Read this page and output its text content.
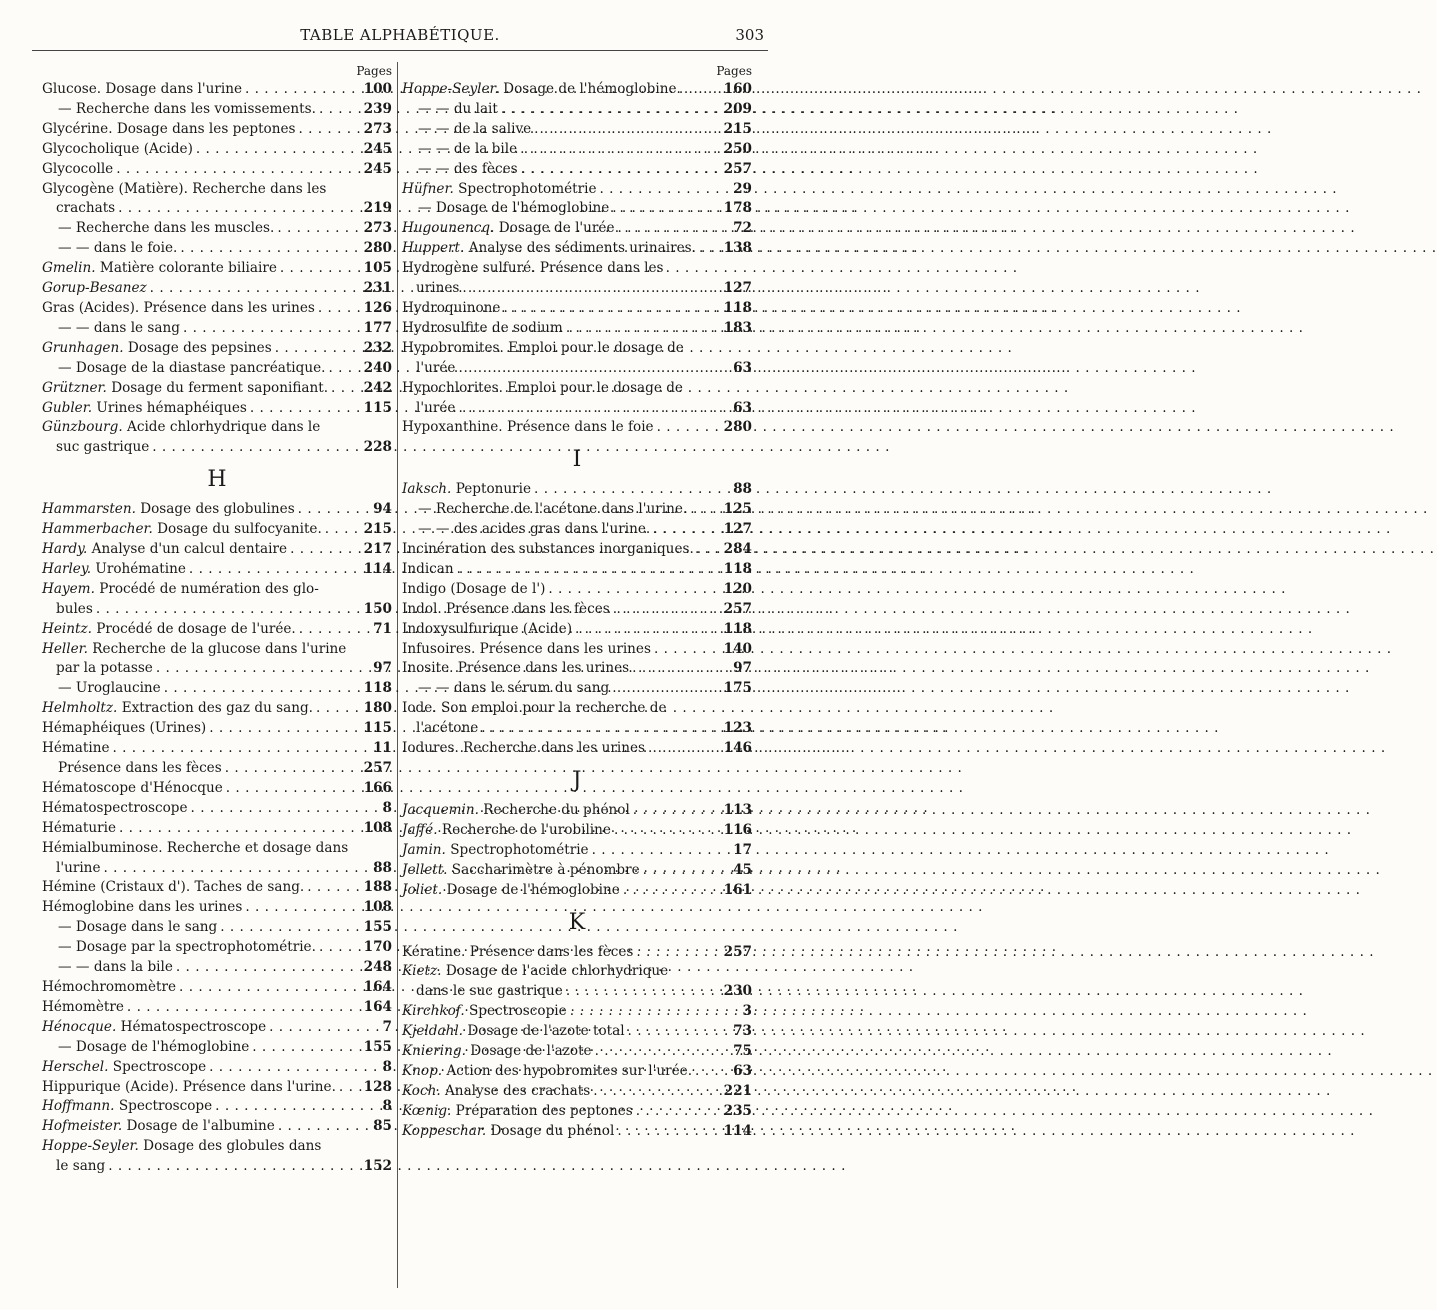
TABLE ALPHABÉTIQUE.	303
Pages
Glucose. Dosage dans l'urine . . .	100
— Recherche dans les vomissements. . . .	239
Glycérine. Dosage dans les peptones . . .	273
Glycocholique (Acide) . . .	245
Glycocolle . . .	245
Glycogène (Matière). Recherche dans les
crachats . . .	219
— Recherche dans les muscles. . . .	273
— — dans le foie. . . .	280
Gmelin. Matière colorante biliaire . . .	105
Gorup-Besanez . . .	231
Gras (Acides). Présence dans les urines . . .	126
— — dans le sang . . .	177
Grunhagen. Dosage des pepsines . . .	232
— Dosage de la diastase pancréatique. . . .	240
Grützner. Dosage du ferment saponifiant. . . .	242
Gubler. Urines hémaphéiques . . .	115
Günzbourg. Acide chlorhydrique dans le
suc gastrique . . .	228
H
Hammarsten. Dosage des globulines . . .	94
Hammerbacher. Dosage du sulfocyanite. . . .	215
Hardy. Analyse d'un calcul dentaire . . .	217
Harley. Urohématine . . .	114
Hayem. Procédé de numération des glo-
bules . . .	150
Heintz. Procédé de dosage de l'urée. . . .	71
Heller. Recherche de la glucose dans l'urine
par la potasse . . .	97
— Uroglaucine . . .	118
Helmholtz. Extraction des gaz du sang. . . .	180
Hémaphéiques (Urines) . . .	115
Hématine . . .	11
Présence dans les fèces . . .	257
Hématoscope d'Hénocque . . .	166
Hématospectroscope . . .	8
Hématurie . . .	108
Hémialbuminose. Recherche et dosage dans
l'urine . . .	88
Hémine (Cristaux d'). Taches de sang. . . .	188
Hémoglobine dans les urines . . .	108
— Dosage dans le sang . . .	155
— Dosage par la spectrophotométrie. . . .	170
— — dans la bile . . .	248
Hémochromomètre . . .	164
Hémomètre . . .	164
Hénocque. Hématospectroscope . . .	7
— Dosage de l'hémoglobine . . .	155
Herschel. Spectroscope . . .	8
Hippurique (Acide). Présence dans l'urine. . . . 128
Hoffmann. Spectroscope . . .	8
Hofmeister. Dosage de l'albumine . . .	85
Hoppe-Seyler. Dosage des globules dans
le sang . . .	152
Pages
Hoppe-Seyler. Dosage de l'hémoglobine. . . .	160
— — du lait . . .	209
— — de la salive . . .	215
— — de la bile . . .	250
— — des fèces . . .	257
Hüfner. Spectrophotométrie . . .	29
— Dosage de l'hémoglobine . . .	178
Hugounencq. Dosage de l'urée . . .	72
Huppert. Analyse des sédiments urinaires. . . . 138
Hydrogène sulfuré. Présence dans les
urines . . .	127
Hydroquinone . . .	118
Hydrosulfite de sodium . . .	183
Hypobromites. Emploi pour le dosage de
l'urée . . .	63
Hypochlorites. Emploi pour le dosage de
l'urée . . .	63
Hypoxanthine. Présence dans le foie . . .	280
I
Iaksch. Peptonurie . . .	88
— Recherche de l'acétone dans l'urine. . . .	125
— — des acides gras dans l'urine. . . .	127
Incinération des substances inorganiques. . . . 284
Indican . . .	118
Indigo (Dosage de l') . . .	120
Indol. Présence dans les fèces . . .	257
Indoxysulfurique (Acide) . . .	118
Infusoires. Présence dans les urines . . .	140
Inosite. Présence dans les urines . . .	97
— — dans le sérum du sang . . .	175
Iode. Son emploi pour la recherche de
l'acétone . . .	123
Iodures. Recherche dans les urines . . .	146
J
Jacquemin. Recherche du phénol . . .	113
Jaffé. Recherche de l'urobiline . . .	116
Jamin. Spectrophotométrie . . .	17
Jellett. Saccharimètre à pénombre . . .	45
Joliet. Dosage de l'hémoglobine . . .	161
K
Kératine. Présence dans les fèces . . .	257
Kietz. Dosage de l'acide chlorhydrique
dans le suc gastrique . . .	230
Kirchkof. Spectroscopie . . .	3
Kjeldahl. Dosage de l'azote total . . .	73
Kniering. Dosage de l'azote . . .	75
Knop. Action des hypobromites sur l'urée. . . .	63
Koch. Analyse des crachats . . .	221
Kœnig. Préparation des peptones . . .	235
Koppeschar. Dosage du phénol . . .	114
